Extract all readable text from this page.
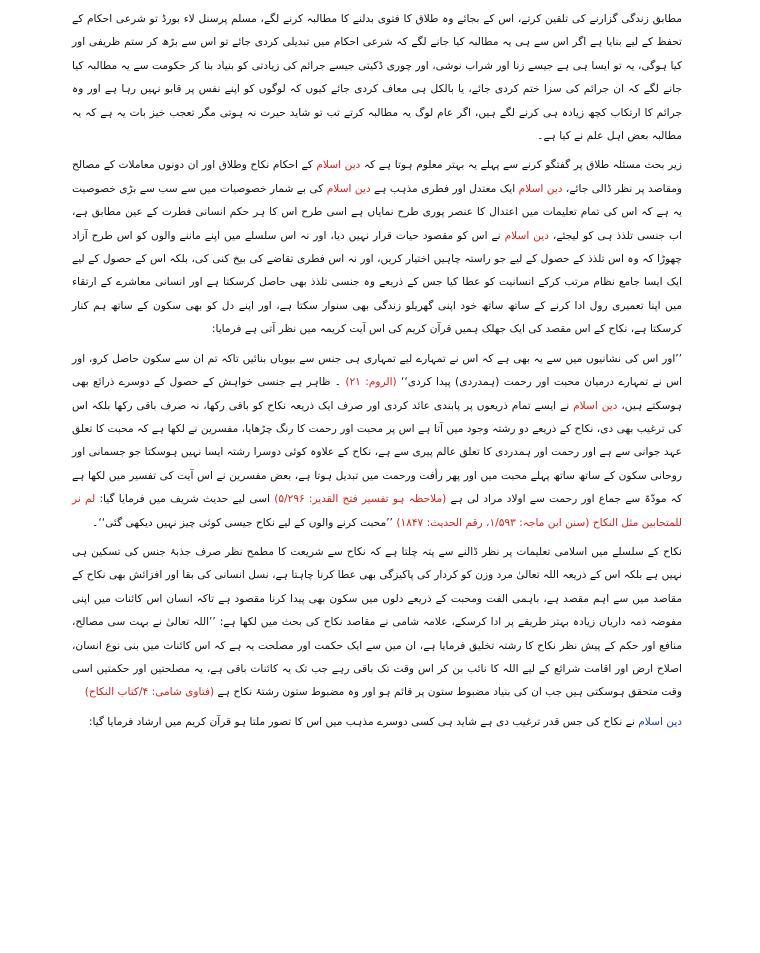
مطابق زندگی گزارنے کی تلقین کرتے، اس کے بجائے وہ طلاق کا فتوی بدلنے کا مطالبہ کرنے لگے، مسلم پرسنل لاء بورڈ تو شرعی احکام کے تحفظ کے لیے بنایا ہے اگر اس سے ہی یہ مطالبہ کیا جانے لگے کہ شرعی احکام میں تبدیلی کردی جائے تو اس سے بڑھ کر ستم ظریفی اور کیا ہوگی، یہ تو ایسا ہی ہے جیسے زنا اور شراب نوشی، اور چوری ڈکیتی جیسے جرائم کی زیادتی کو بنیاد بنا کر حکومت سے یہ مطالبہ کیا جانے لگے کہ ان جرائم کی سزا ختم کردی جائے، یا بالکل ہی معاف کردی جائے کیوں کہ لوگوں کو اپنے نفس پر قابو نہیں رہا ہے اور وہ جرائم کا ارتکاب کچھ زیادہ ہی کرنے لگے ہیں، اگر عام لوگ یہ مطالبہ کرتے تب تو شاید حیرت نہ ہوتی مگر تعجب خیز بات یہ ہے کہ یہ مطالبہ بعض اہل علم نے کیا ہے۔

زیر بحث مسئلہ طلاق پر گفتگو کرنے سے پہلے یہ بہتر معلوم ہوتا ہے کہ دین اسلام کے احکام نکاح وطلاق اور ان دونوں معاملات کے مصالح ومقاصد پر نظر ڈالی جائے، دین اسلام ایک معتدل اور فطری مذہب ہے دین اسلام کی بے شمار خصوصیات میں سے سب سے بڑی خصوصیت یہ ہے کہ اس کی تمام تعلیمات میں اعتدال کا عنصر پوری طرح نمایاں ہے اسی طرح اس کا ہر حکم انسانی فطرت کے عین مطابق ہے، اب جنسی تلذذ ہی کو لیجئے، دین اسلام نے اس کو مقصود حیات قرار نہیں دیا، اور نہ اس سلسلے میں اپنے ماننے والوں کو اس طرح آزاد چھوڑا کہ وہ اس تلذذ کے حصول کے لیے جو راستہ چاہیں اختیار کریں، اور نہ اس فطری تقاضے کی بیخ کنی کی، بلکہ اس کے حصول کے لیے ایک ایسا جامع نظام مرتب کرکے انسانیت کو عطا کیا جس کے ذریعے وہ جنسی تلذذ بھی حاصل کرسکتا ہے اور انسانی معاشرے کے ارتقاء میں اپنا تعمیری رول ادا کرنے کے ساتھ ساتھ خود اپنی گھریلو زندگی بھی سنوار سکتا ہے، اور اپنے دل کو بھی سکون کے ساتھ ہم کنار کرسکتا ہے، نکاح کے اس مقصد کی ایک جھلک ہمیں قرآن کریم کی اس آیت کریمہ میں نظر آتی ہے فرمایا:

’’اور اس کی نشانیوں میں سے یہ بھی ہے کہ اس نے تمہارے لیے تمہاری ہی جنس سے بیویاں بنائیں تاکہ تم ان سے سکون حاصل کرو، اور اس نے تمہارے درمیان محبت اور رحمت (ہمدردی) پیدا کردی‘‘ (الروم: ۲۱) ۔ ظاہر ہے جنسی خواہش کے حصول کے دوسرے ذرائع بھی ہوسکتے ہیں، دین اسلام نے ایسے تمام ذریعوں پر پابندی عائد کردی اور صرف ایک ذریعہ نکاح کو باقی رکھا، نہ صرف باقی رکھا بلکہ اس کی ترغیب بھی دی، نکاح کے ذریعے دو رشتہ وجود میں آتا ہے اس پر محبت اور رحمت کا رنگ چڑھایا، مفسرین نے لکھا ہے کہ محبت کا تعلق عہد جوانی سے ہے اور رحمت اور ہمدردی کا تعلق عالم پیری سے ہے، نکاح کے علاوہ کوئی دوسرا رشتہ ایسا نہیں ہوسکتا جو جسمانی اور روحانی سکون کے ساتھ ساتھ پہلے محبت میں اور پھر رأفت ورحمت میں تبدیل ہوتا ہے، بعض مفسرین نے اس آیت کی تفسیر میں لکھا ہے کہ مودّۃ سے جماع اور رحمت سے اولاد مراد لی ہے (ملاحظہ ہو تفسیر فتح القدیر: ۵/۲۹۶) اسی لیے حدیث شریف میں فرمایا گیا: لم نر للمتحابین مثل النکاح (سنن ابن ماجہ: ۱/۵۹۳، رقم الحدیث: ۱۸۴۷) ’’محبت کرنے والوں کے لیے نکاح جیسی کوئی چیز نہیں دیکھی گئی‘‘۔

نکاح کے سلسلے میں اسلامی تعلیمات پر نظر ڈالنے سے پتہ چلتا ہے کہ نکاح سے شریعت کا مطمح نظر صرف جذبۂ جنس کی تسکین ہی نہیں ہے بلکہ اس کے ذریعہ اللہ تعالیٰ مرد وزن کو کردار کی پاکیزگی بھی عطا کرنا چاہتا ہے، نسل انسانی کی بقا اور افزائش بھی نکاح کے مقاصد میں سے اہم مقصد ہے، باہمی الفت ومحبت کے ذریعے دلوں میں سکون بھی پیدا کرنا مقصود ہے تاکہ انسان اس کائنات میں اپنی مفوضہ ذمہ داریاں زیادہ بہتر طریقے پر ادا کرسکے، علامہ شامی نے مقاصد نکاح کی بحث میں لکھا ہے: ’’اللہ تعالیٰ نے بہت سی مصالح، منافع اور حکم کے پیش نظر نکاح کا رشتہ تخلیق فرمایا ہے، ان میں سے ایک حکمت اور مصلحت یہ ہے کہ اس کائنات میں بنی نوع انسان، اصلاح ارض اور اقامت شرائع کے لیے اللہ کا نائب بن کر اس وقت تک باقی رہے جب تک یہ کائنات باقی ہے، یہ مصلحتیں اور حکمتیں اسی وقت متحقق ہوسکتی ہیں جب ان کی بنیاد مضبوط ستون پر قائم ہو اور وہ مضبوط ستون رشتۂ نکاح ہے (فتاوی شامی: ۴/کتاب النکاح)

دین اسلام نے نکاح کی جس قدر ترغیب دی ہے شاید ہی کسی دوسرے مذہب میں اس کا تصور ملتا ہو قرآن کریم میں ارشاد فرمایا گیا:
